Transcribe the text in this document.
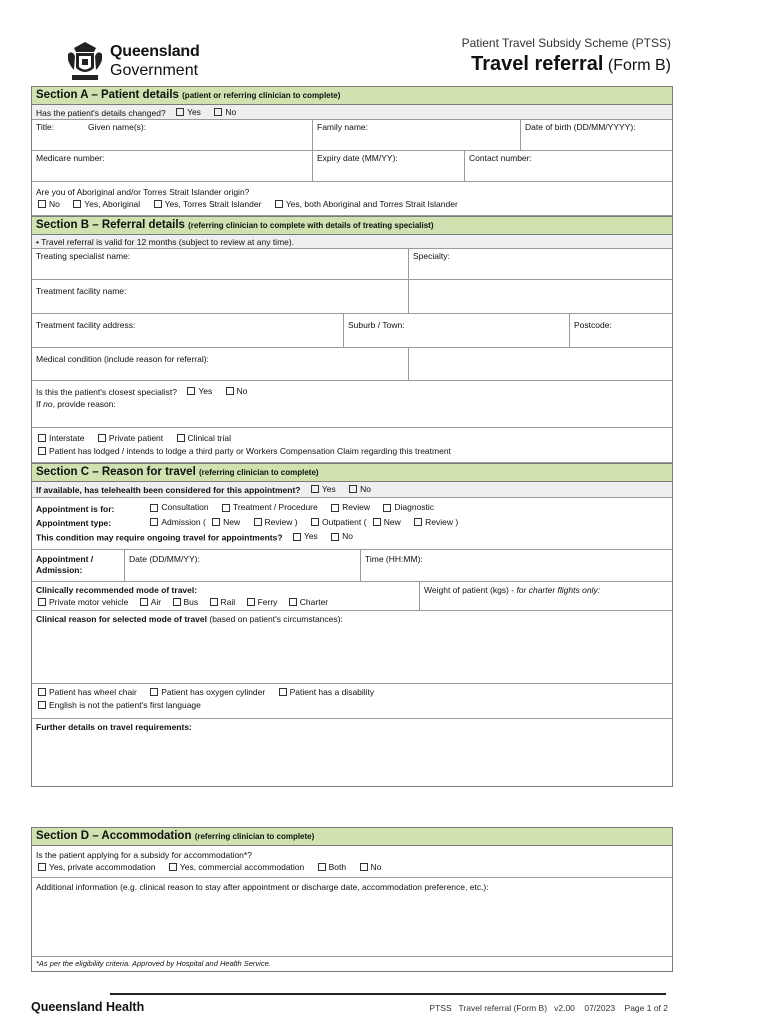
Queensland
Government
Patient Travel Subsidy Scheme (PTSS)
Travel referral (Form B)
Section A – Patient details (patient or referring clinician to complete)
Has the patient's details changed?	Yes
	No
Title:	Given name(s):	Family name:	Date of birth (DD/MM/YYYY):
Medicare number:	Expiry date (MM/YY):	Contact number:
Are you of Aboriginal and/or Torres Strait Islander origin?
No
	Yes, Aboriginal
	Yes, Torres Strait Islander
	Yes, both Aboriginal and Torres Strait Islander
Section B – Referral details (referring clinician to complete with details of treating specialist)
• Travel referral is valid for 12 months (subject to review at any time).
Treating specialist name:	Specialty:
Treatment facility name:
Treatment facility address:	Suburb / Town:	Postcode:
Medical condition (include reason for referral):
Is this the patient's closest specialist?	Yes
	No
If no, provide reason:
Interstate
	Private patient
	Clinical trial
Patient has lodged / intends to lodge a third party or Workers Compensation Claim regarding this treatment
Section C – Reason for travel (referring clinician to complete)
If available, has telehealth been considered for this appointment?	Yes
	No
Appointment is for:	Consultation
	Treatment / Procedure
	Review
	Diagnostic
Appointment type:	Admission (
New
	Review )
	Outpatient (
New
	Review )
This condition may require ongoing travel for appointments?	Yes
	No
Appointment /
Admission:
Date (DD/MM/YY):	Time (HH:MM):
Clinically recommended mode of travel:
Private motor vehicle
	Air
	Bus
	Rail
	Ferry
	Charter
Weight of patient (kgs) - for charter flights only:
Clinical reason for selected mode of travel (based on patient's circumstances):
Patient has wheel chair
	Patient has oxygen cylinder
	Patient has a disability
English is not the patient's first language
Further details on travel requirements:
Section D – Accommodation (referring clinician to complete)
Is the patient applying for a subsidy for accommodation*?
Yes, private accommodation
	Yes, commercial accommodation
	Both
	No
Additional information (e.g. clinical reason to stay after appointment or discharge date, accommodation preference, etc.):
*As per the eligibility criteria. Approved by Hospital and Health Service.
Queensland Health	PTSS   Travel referral (Form B)   v2.00    07/2023    Page 1 of 2
